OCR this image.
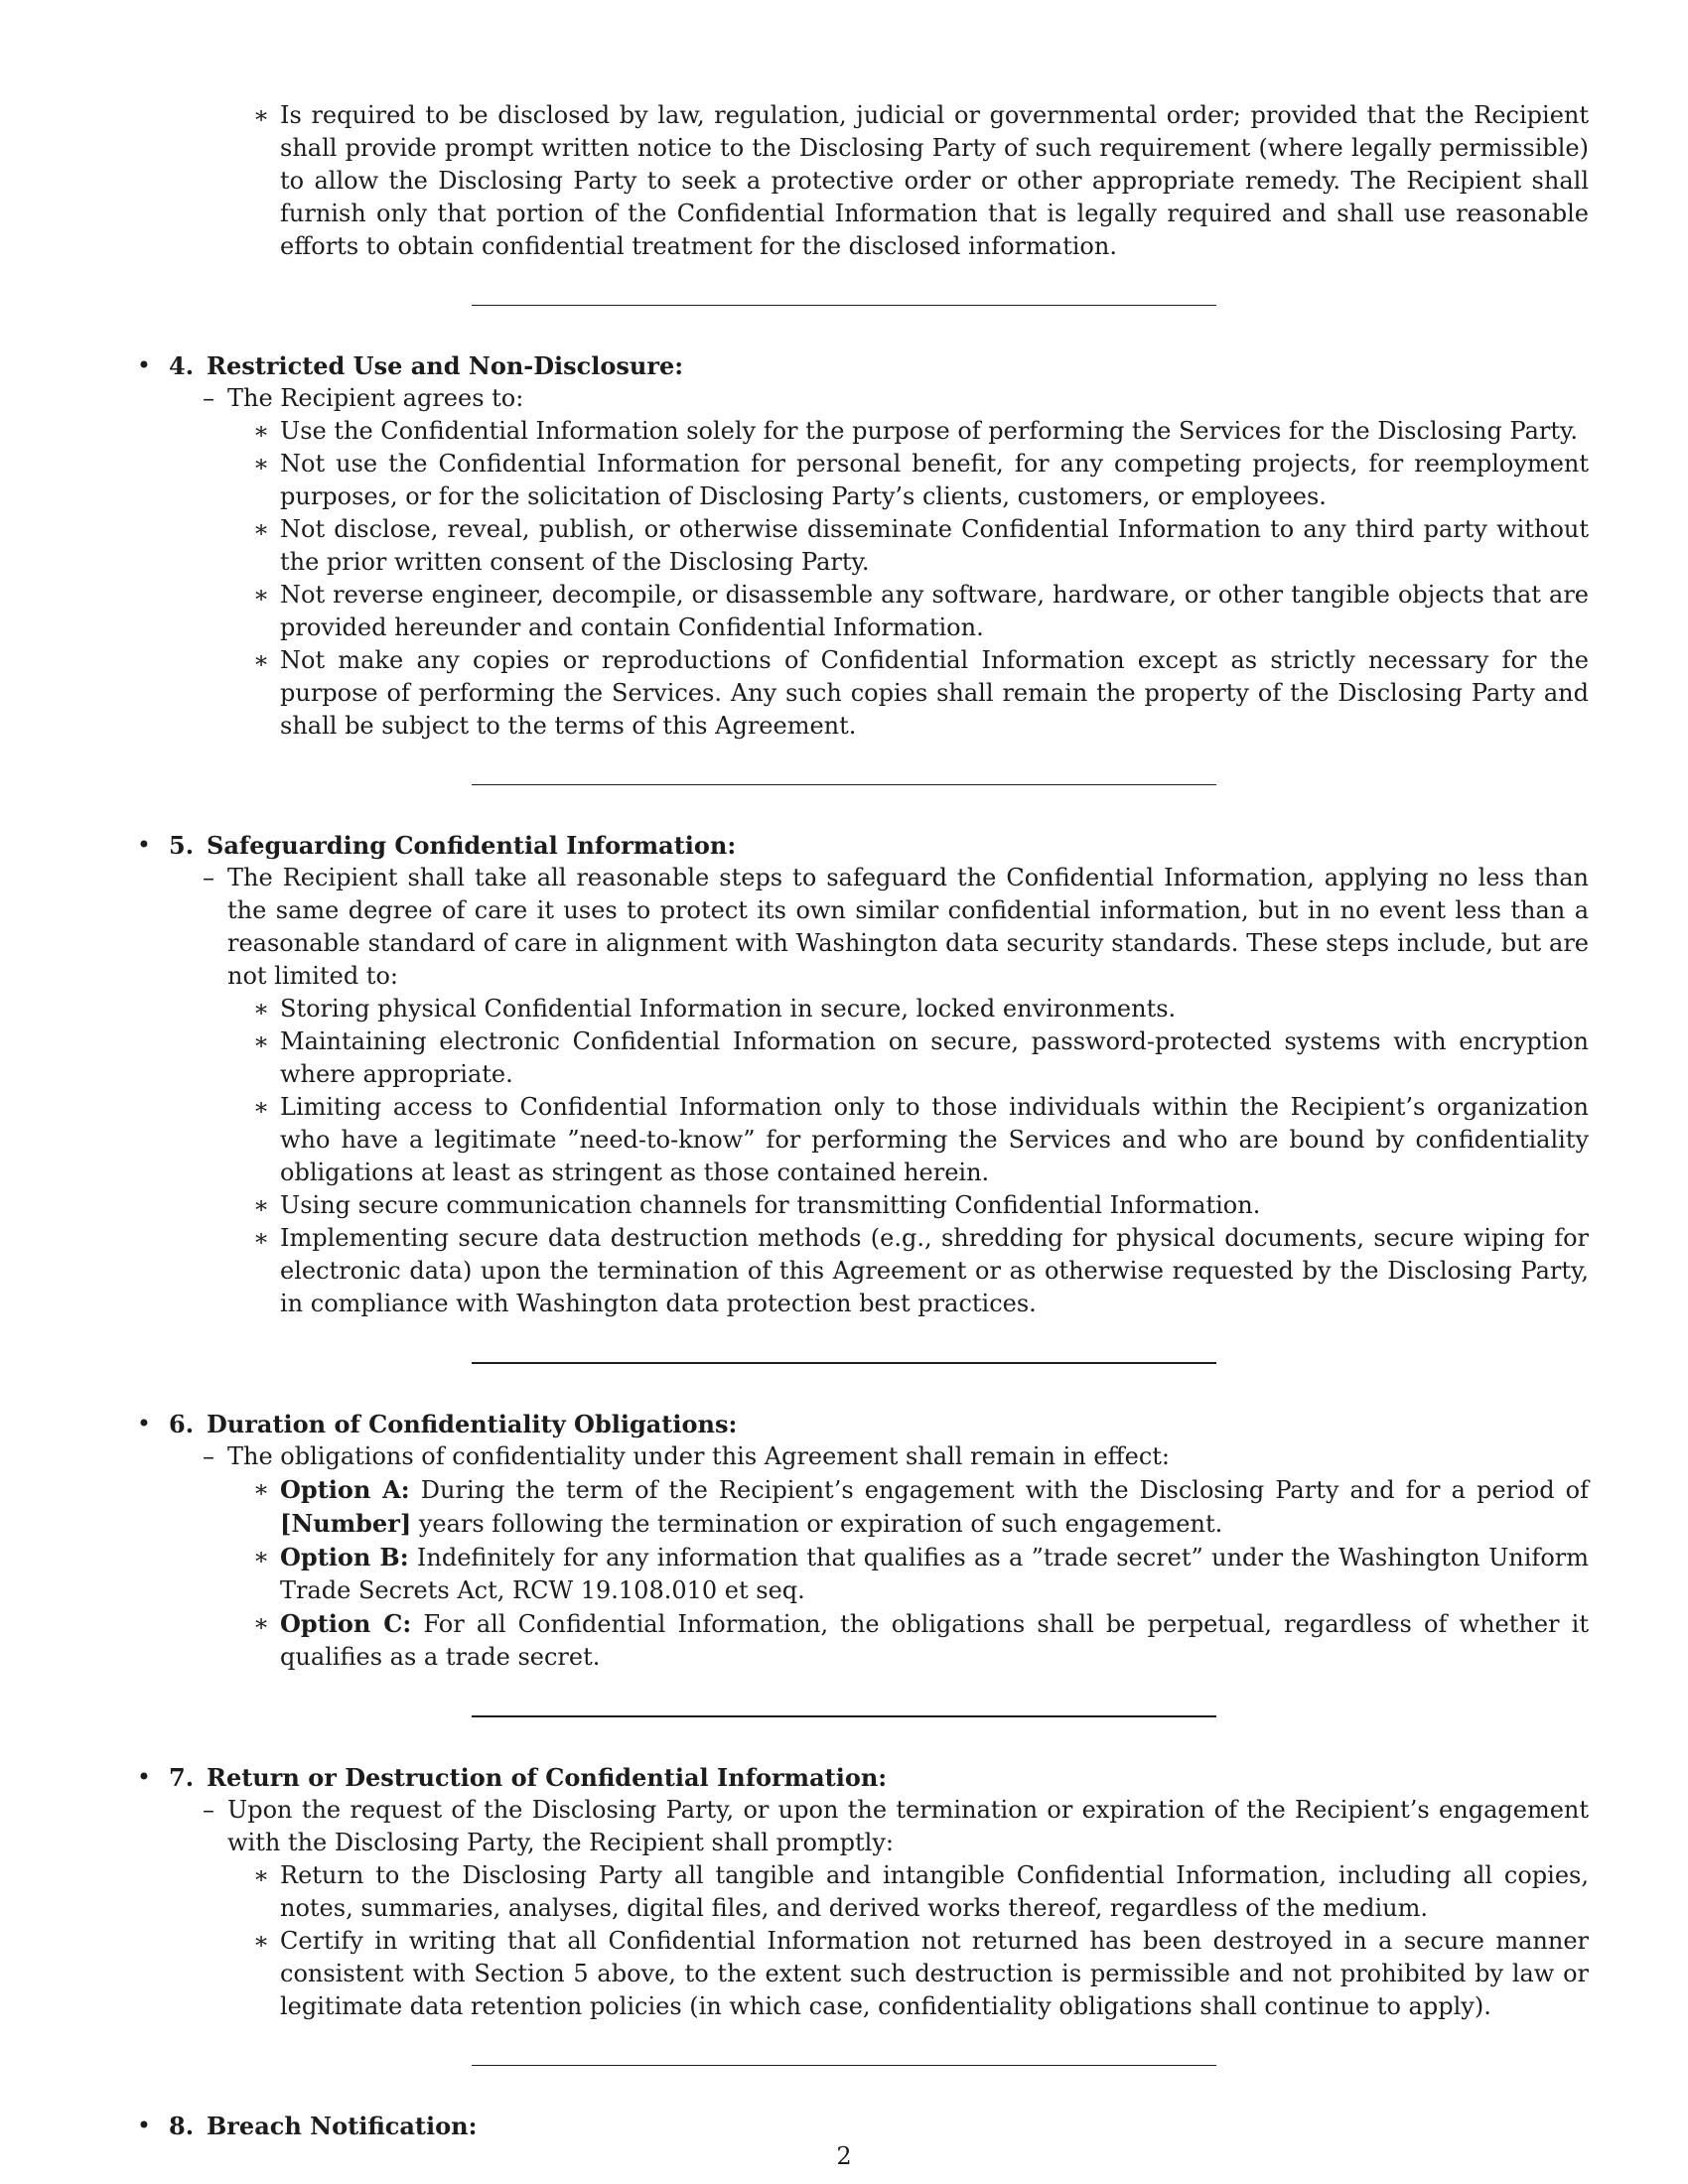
∗ Is required to be disclosed by law, regulation, judicial or governmental order; provided that the Recipient shall provide prompt written notice to the Disclosing Party of such requirement (where legally permissible) to allow the Disclosing Party to seek a protective order or other appropriate remedy. The Recipient shall furnish only that portion of the Confidential Information that is legally required and shall use reasonable efforts to obtain confidential treatment for the disclosed information.
• 4. Restricted Use and Non-Disclosure:
– The Recipient agrees to:
∗ Use the Confidential Information solely for the purpose of performing the Services for the Disclosing Party.
∗ Not use the Confidential Information for personal benefit, for any competing projects, for reemployment purposes, or for the solicitation of Disclosing Party’s clients, customers, or employees.
∗ Not disclose, reveal, publish, or otherwise disseminate Confidential Information to any third party without the prior written consent of the Disclosing Party.
∗ Not reverse engineer, decompile, or disassemble any software, hardware, or other tangible objects that are provided hereunder and contain Confidential Information.
∗ Not make any copies or reproductions of Confidential Information except as strictly necessary for the purpose of performing the Services. Any such copies shall remain the property of the Disclosing Party and shall be subject to the terms of this Agreement.
• 5. Safeguarding Confidential Information:
– The Recipient shall take all reasonable steps to safeguard the Confidential Information, applying no less than the same degree of care it uses to protect its own similar confidential information, but in no event less than a reasonable standard of care in alignment with Washington data security standards. These steps include, but are not limited to:
∗ Storing physical Confidential Information in secure, locked environments.
∗ Maintaining electronic Confidential Information on secure, password-protected systems with encryption where appropriate.
∗ Limiting access to Confidential Information only to those individuals within the Recipient’s organization who have a legitimate ”need-to-know” for performing the Services and who are bound by confidentiality obligations at least as stringent as those contained herein.
∗ Using secure communication channels for transmitting Confidential Information.
∗ Implementing secure data destruction methods (e.g., shredding for physical documents, secure wiping for electronic data) upon the termination of this Agreement or as otherwise requested by the Disclosing Party, in compliance with Washington data protection best practices.
• 6. Duration of Confidentiality Obligations:
– The obligations of confidentiality under this Agreement shall remain in effect:
∗ Option A: During the term of the Recipient’s engagement with the Disclosing Party and for a period of [Number] years following the termination or expiration of such engagement.
∗ Option B: Indefinitely for any information that qualifies as a ”trade secret” under the Washington Uniform Trade Secrets Act, RCW 19.108.010 et seq.
∗ Option C: For all Confidential Information, the obligations shall be perpetual, regardless of whether it qualifies as a trade secret.
• 7. Return or Destruction of Confidential Information:
– Upon the request of the Disclosing Party, or upon the termination or expiration of the Recipient’s engagement with the Disclosing Party, the Recipient shall promptly:
∗ Return to the Disclosing Party all tangible and intangible Confidential Information, including all copies, notes, summaries, analyses, digital files, and derived works thereof, regardless of the medium.
∗ Certify in writing that all Confidential Information not returned has been destroyed in a secure manner consistent with Section 5 above, to the extent such destruction is permissible and not prohibited by law or legitimate data retention policies (in which case, confidentiality obligations shall continue to apply).
• 8. Breach Notification:
2
